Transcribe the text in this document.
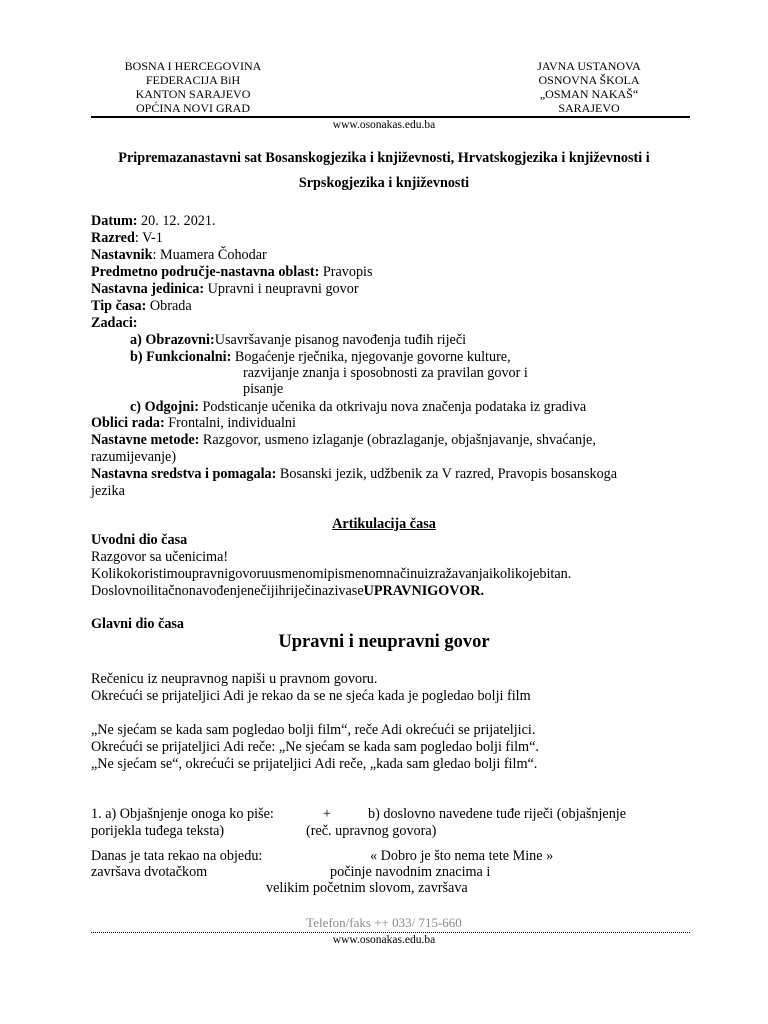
BOSNA I HERCEGOVINA
FEDERACIJA BiH
KANTON SARAJEVO
OPĆINA NOVI GRAD
JAVNA USTANOVA
OSNOVNA ŠKOLA
„OSMAN NAKAŠ“
SARAJEVO
www.osonakas.edu.ba
Pripremazanastavni sat Bosanskogjezika i književnosti, Hrvatskogjezika i književnosti i
Srpskogjezika i književnosti
Datum: 20. 12. 2021.
Razred: V-1
Nastavnik: Muamera Čohodar
Predmetno područje-nastavna oblast: Pravopis
Nastavna jedinica: Upravni i neupravni govor
Tip časa: Obrada
Zadaci:
a) Obrazovni:Usavršavanje pisanog navođenja tuđih riječi
b) Funkcionalni: Bogaćenje rječnika, njegovanje govorne kulture,
razvijanje znanja i sposobnosti za pravilan govor i
pisanje
c) Odgojni: Podsticanje učenika da otkrivaju nova značenja podataka iz gradiva
Oblici rada: Frontalni, individualni
Nastavne metode: Razgovor, usmeno izlaganje (obrazlaganje, objašnjavanje, shvaćanje,
razumijevanje)
Nastavna sredstva i pomagala: Bosanski jezik, udžbenik za V razred, Pravopis bosanskoga
jezika
Artikulacija časa
Uvodni dio časa
Razgovor sa učenicima!
Kolikokoristimoupravnigovoruusmenomipismenomnačinuizražavanjaikolikojebitan.
DoslovnoilitačnonavođenjenečijihriječinazivaseUPRAVNIGOVOR.
Glavni dio časa
Upravni i neupravni govor
Rečenicu iz neupravnog napiši u pravnom govoru.
Okrećući se prijateljici Adi je rekao da se ne sjeća kada je pogledao bolji film
„Ne sjećam se kada sam pogledao bolji film“, reče Adi okrećući se prijateljici.
Okrećući se prijateljici Adi reče: „Ne sjećam se kada sam pogledao bolji film“.
„Ne sjećam se“, okrećući se prijateljici Adi reče, „kada sam gledao bolji film“.
1. a) Objašnjenje onoga ko piše:	+	b) doslovno navedene tuđe riječi (objašnjenje
porijekla tuđega teksta)	(reč. upravnog govora)
Danas je tata rekao na objedu:	« Dobro je što nema tete Mine »
završava dvotačkom	počinje navodnim znacima i
velikim početnim slovom, završava
Telefon/faks ++ 033/ 715-660
www.osonakas.edu.ba
